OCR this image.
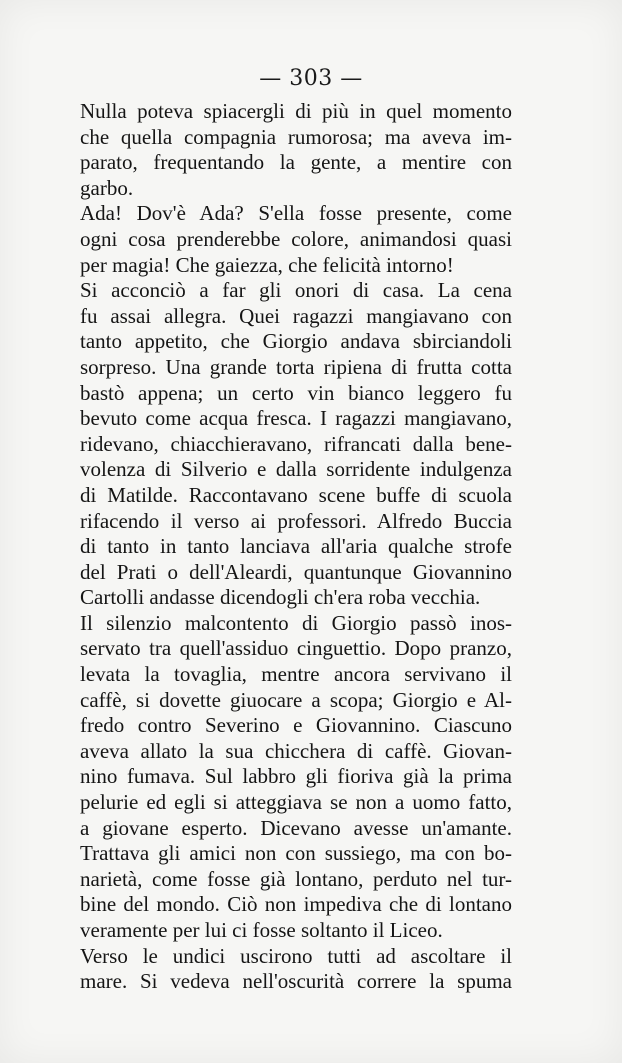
— 303 —
Nulla poteva spiacergli di più in quel momento
che quella compagnia rumorosa; ma aveva im-
parato, frequentando la gente, a mentire con
garbo.
Ada! Dov'è Ada? S'ella fosse presente, come
ogni cosa prenderebbe colore, animandosi quasi
per magia! Che gaiezza, che felicità intorno!
Si acconciò a far gli onori di casa. La cena
fu assai allegra. Quei ragazzi mangiavano con
tanto appetito, che Giorgio andava sbirciandoli
sorpreso. Una grande torta ripiena di frutta cotta
bastò appena; un certo vin bianco leggero fu
bevuto come acqua fresca. I ragazzi mangiavano,
ridevano, chiacchieravano, rifrancati dalla bene-
volenza di Silverio e dalla sorridente indulgenza
di Matilde. Raccontavano scene buffe di scuola
rifacendo il verso ai professori. Alfredo Buccia
di tanto in tanto lanciava all'aria qualche strofe
del Prati o dell'Aleardi, quantunque Giovannino
Cartolli andasse dicendogli ch'era roba vecchia.
Il silenzio malcontento di Giorgio passò inos-
servato tra quell'assiduo cinguettio. Dopo pranzo,
levata la tovaglia, mentre ancora servivano il
caffè, si dovette giuocare a scopa; Giorgio e Al-
fredo contro Severino e Giovannino. Ciascuno
aveva allato la sua chicchera di caffè. Giovan-
nino fumava. Sul labbro gli fioriva già la prima
pelurie ed egli si atteggiava se non a uomo fatto,
a giovane esperto. Dicevano avesse un'amante.
Trattava gli amici non con sussiego, ma con bo-
narietà, come fosse già lontano, perduto nel tur-
bine del mondo. Ciò non impediva che di lontano
veramente per lui ci fosse soltanto il Liceo.
Verso le undici uscirono tutti ad ascoltare il
mare. Si vedeva nell'oscurità correre la spuma
